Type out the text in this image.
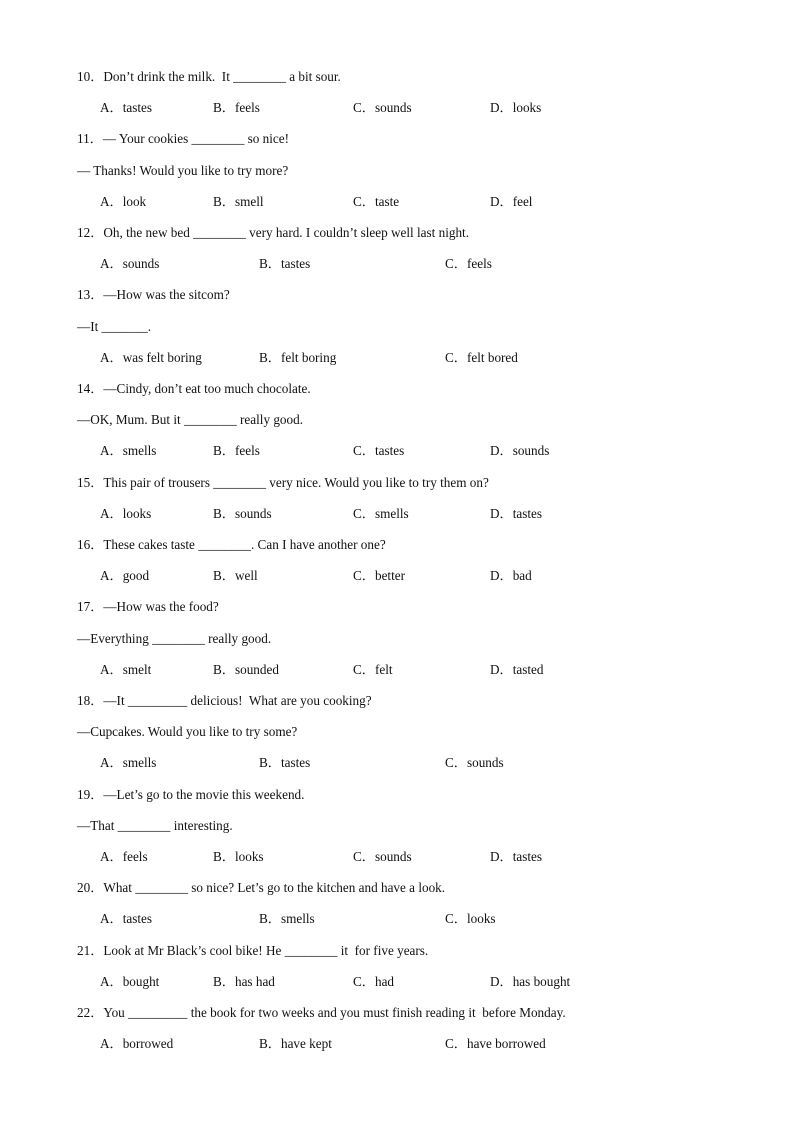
10．Don’t drink the milk.  It ________ a bit sour.
A．tastes	B．feels	C．sounds	D．looks
11．— Your cookies ________ so nice!
— Thanks! Would you like to try more?
A．look	B．smell	C．taste	D．feel
12．Oh, the new bed ________ very hard. I couldn’t sleep well last night.
A．sounds	B．tastes	C．feels
13．—How was the sitcom?
—It _______.
A．was felt boring	B．felt boring	C．felt bored
14．—Cindy, don’t eat too much chocolate.
—OK, Mum. But it ________ really good.
A．smells	B．feels	C．tastes	D．sounds
15．This pair of trousers ________ very nice. Would you like to try them on?
A．looks	B．sounds	C．smells	D．tastes
16．These cakes taste ________. Can I have another one?
A．good	B．well	C．better	D．bad
17．—How was the food?
—Everything ________ really good.
A．smelt	B．sounded	C．felt	D．tasted
18．—It _________ delicious!  What are you cooking?
—Cupcakes. Would you like to try some?
A．smells	B．tastes	C．sounds
19．—Let’s go to the movie this weekend.
—That ________ interesting.
A．feels	B．looks	C．sounds	D．tastes
20．What ________ so nice? Let’s go to the kitchen and have a look.
A．tastes	B．smells	C．looks
21．Look at Mr Black’s cool bike! He ________ it  for five years.
A．bought	B．has had	C．had	D．has bought
22．You _________ the book for two weeks and you must finish reading it  before Monday.
A．borrowed	B．have kept	C．have borrowed
